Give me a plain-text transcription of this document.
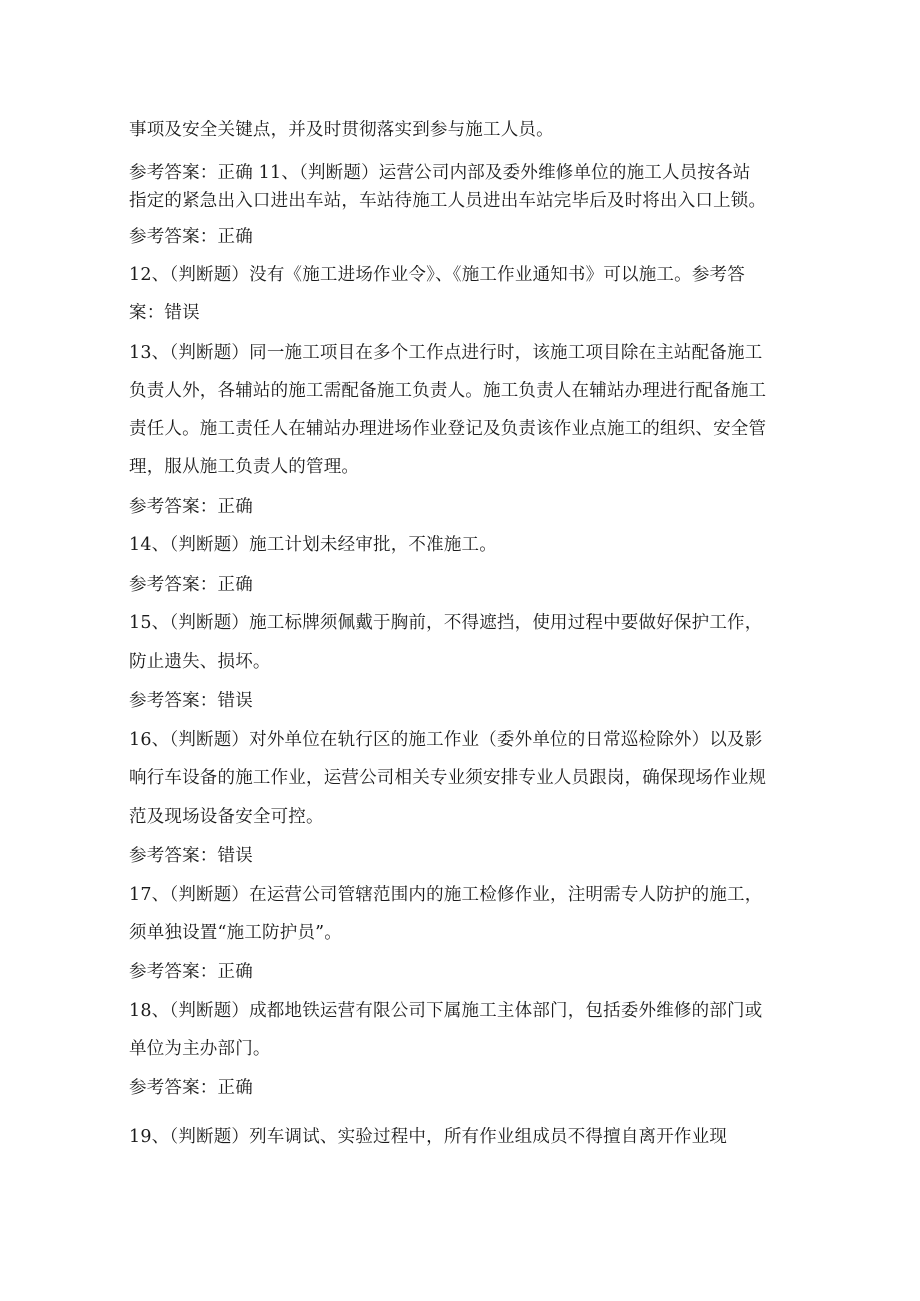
事项及安全关键点，并及时贯彻落实到参与施工人员。
参考答案：正确 11、（判断题）运营公司内部及委外维修单位的施工人员按各站
指定的紧急出入口进出车站，车站待施工人员进出车站完毕后及时将出入口上锁。
参考答案：正确
12、（判断题）没有《施工进场作业令》、《施工作业通知书》可以施工。参考答
案：错误
13、（判断题）同一施工项目在多个工作点进行时，该施工项目除在主站配备施工
负责人外，各辅站的施工需配备施工负责人。施工负责人在辅站办理进行配备施工
责任人。施工责任人在辅站办理进场作业登记及负责该作业点施工的组织、安全管
理，服从施工负责人的管理。
参考答案：正确
14、（判断题）施工计划未经审批，不准施工。
参考答案：正确
15、（判断题）施工标牌须佩戴于胸前，不得遮挡，使用过程中要做好保护工作，
防止遗失、损坏。
参考答案：错误
16、（判断题）对外单位在轨行区的施工作业（委外单位的日常巡检除外）以及影
响行车设备的施工作业，运营公司相关专业须安排专业人员跟岗，确保现场作业规
范及现场设备安全可控。
参考答案：错误
17、（判断题）在运营公司管辖范围内的施工检修作业，注明需专人防护的施工，
须单独设置“施工防护员”。
参考答案：正确
18、（判断题）成都地铁运营有限公司下属施工主体部门，包括委外维修的部门或
单位为主办部门。
参考答案：正确
19、（判断题）列车调试、实验过程中，所有作业组成员不得擅自离开作业现
